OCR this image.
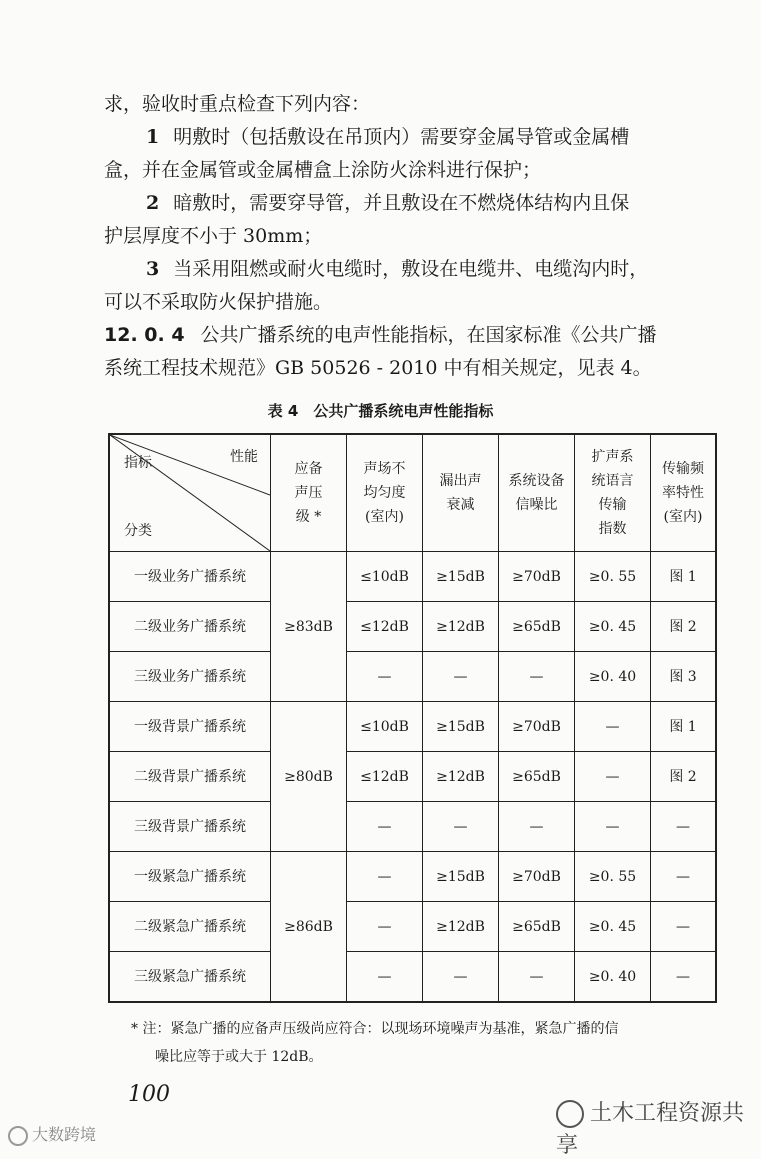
求，验收时重点检查下列内容：

1 明敷时（包括敷设在吊顶内）需要穿金属导管或金属槽

盒，并在金属管或金属槽盒上涂防火涂料进行保护；

2 暗敷时，需要穿导管，并且敷设在不燃烧体结构内且保

护层厚度不小于 30mm；

3 当采用阻燃或耐火电缆时，敷设在电缆井、电缆沟内时，

可以不采取防火保护措施。

12. 0. 4 公共广播系统的电声性能指标，在国家标准《公共广播

系统工程技术规范》GB 50526 - 2010 中有相关规定，见表 4。

表 4　公共广播系统电声性能指标
性能
指标
分类	应备
声压
级 *	声场不
均匀度
(室内)	漏出声
衰减	系统设备
信噪比	扩声系
统语言
传输
指数	传输频
率特性
(室内)
一级业务广播系统	≥83dB	≤10dB	≥15dB	≥70dB	≥0. 55	图 1
二级业务广播系统		≤12dB	≥12dB	≥65dB	≥0. 45	图 2
三级业务广播系统		—	—	—	≥0. 40	图 3
一级背景广播系统	≥80dB	≤10dB	≥15dB	≥70dB	—	图 1
二级背景广播系统		≤12dB	≥12dB	≥65dB	—	图 2
三级背景广播系统		—	—	—	—	—
一级紧急广播系统	≥86dB	—	≥15dB	≥70dB	≥0. 55	—
二级紧急广播系统		—	≥12dB	≥65dB	≥0. 45	—
三级紧急广播系统		—	—	—	≥0. 40	—

* 注：紧急广播的应备声压级尚应符合：以现场环境噪声为基准，紧急广播的信

噪比应等于或大于 12dB。

100
土木工程资源共享
大数跨境
